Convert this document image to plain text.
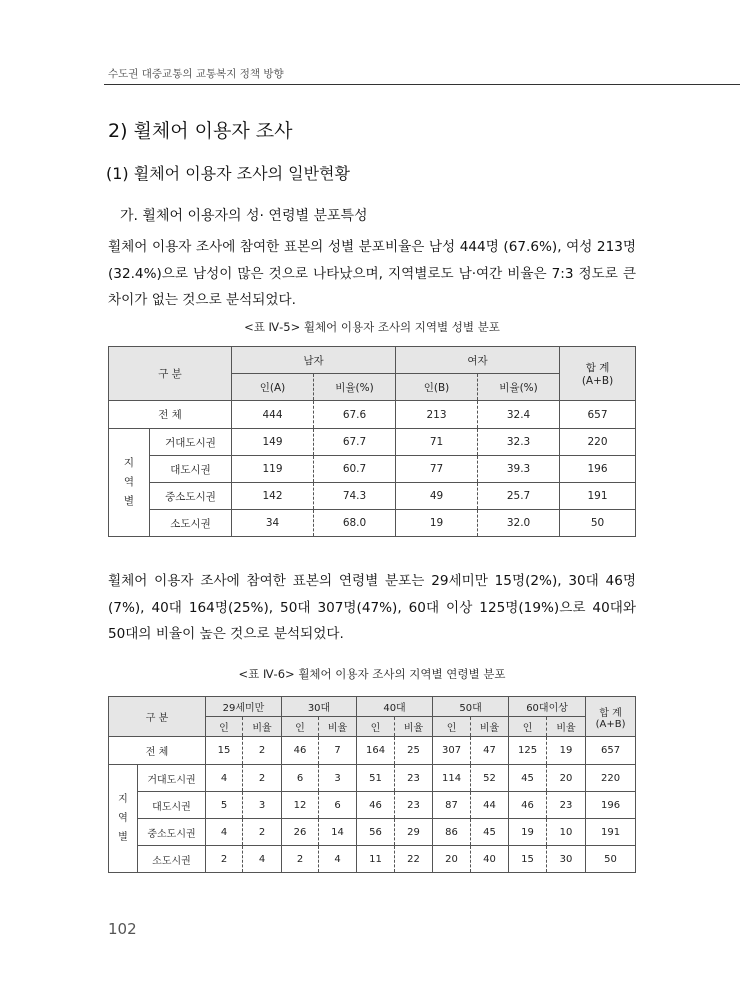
수도권 대중교통의 교통복지 정책 방향
2) 휠체어 이용자 조사
(1) 휠체어 이용자 조사의 일반현황
가. 휠체어 이용자의 성· 연령별 분포특성
휠체어 이용자 조사에 참여한 표본의 성별 분포비율은 남성 444명 (67.6%), 여성 213명 (32.4%)으로 남성이 많은 것으로 나타났으며, 지역별로도 남·여간 비율은 7:3 정도로 큰 차이가 없는 것으로 분석되었다.
<표 Ⅳ-5> 휠체어 이용자 조사의 지역별 성별 분포
구 분		남자		여자		합 계
(A+B)

		인(A)	비율(%)	인(B)	비율(%)	
전 체		444	67.6	213	32.4	657

지
역
별	거대도시권	149	67.7	71	32.3	220
	대도시권	119	60.7	77	39.3	196
	중소도시권	142	74.3	49	25.7	191
	소도시권	34	68.0	19	32.0	50
휠체어 이용자 조사에 참여한 표본의 연령별 분포는 29세미만 15명(2%), 30대 46명(7%), 40대 164명(25%), 50대 307명(47%), 60대 이상 125명(19%)으로 40대와 50대의 비율이 높은 것으로 분석되었다.
<표 Ⅳ-6> 휠체어 이용자 조사의 지역별 연령별 분포
구 분		29세미만		30대		40대		50대		60대이상		합 계
(A+B)

		인	비율	인	비율	인	비율	인	비율	인	비율	
전 체		15	2	46	7	164	25	307	47	125	19	657

지
역
별	거대도시권	4	2	6	3	51	23	114	52	45	20	220
	대도시권	5	3	12	6	46	23	87	44	46	23	196
	중소도시권	4	2	26	14	56	29	86	45	19	10	191
	소도시권	2	4	2	4	11	22	20	40	15	30	50
102
